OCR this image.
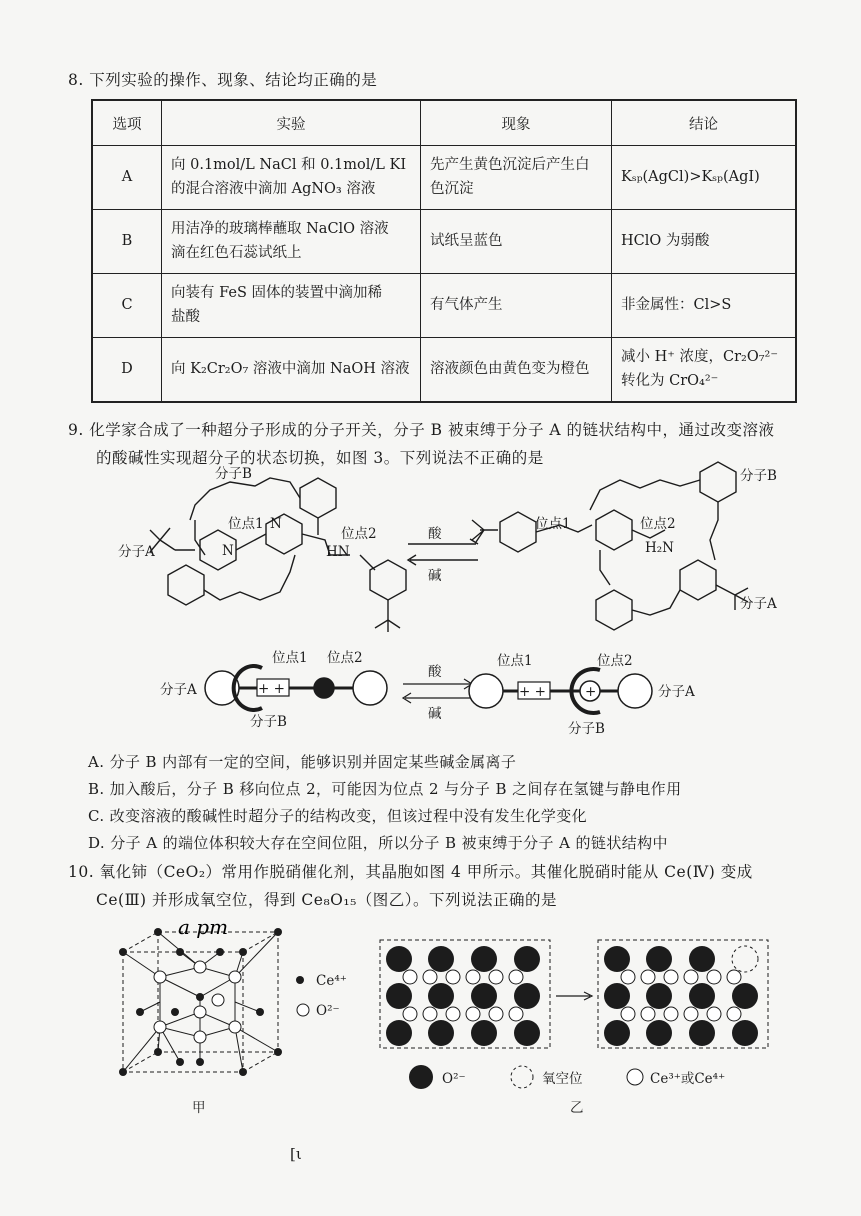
8. 下列实验的操作、现象、结论均正确的是
选项	实验	现象	结论
A	向 0.1mol/L NaCl 和 0.1mol/L KI
的混合溶液中滴加 AgNO₃ 溶液	先产生黄色沉淀后产生白
色沉淀	Kₛₚ(AgCl)>Kₛₚ(AgI)
B	用洁净的玻璃棒蘸取 NaClO 溶液
滴在红色石蕊试纸上	试纸呈蓝色	HClO 为弱酸
C	向装有 FeS 固体的装置中滴加稀
盐酸	有气体产生	非金属性：Cl>S
D	向 K₂Cr₂O₇ 溶液中滴加 NaOH 溶液	溶液颜色由黄色变为橙色	减小 H⁺ 浓度，Cr₂O₇²⁻
转化为 CrO₄²⁻
9. 化学家合成了一种超分子形成的分子开关，分子 B 被束缚于分子 A 的链状结构中，通过改变溶液
的酸碱性实现超分子的状态切换，如图 3。下列说法不正确的是
分子A
分子B
位点1
位点2
HN
N
N
酸
碱
位点1	位点2
H₂N
分子B
分子A
+ +	+ +	+
分子A
分子B
位点1 位点2
酸
碱
位点1	位点2
分子A
分子B
A. 分子 B 内部有一定的空间，能够识别并固定某些碱金属离子
B. 加入酸后，分子 B 移向位点 2，可能因为位点 2 与分子 B 之间存在氢键与静电作用
C. 改变溶液的酸碱性时超分子的结构改变，但该过程中没有发生化学变化
D. 分子 A 的端位体积较大存在空间位阻，所以分子 B 被束缚于分子 A 的链状结构中
10. 氧化铈（CeO₂）常用作脱硝催化剂，其晶胞如图 4 甲所示。其催化脱硝时能从 Ce(Ⅳ) 变成
Ce(Ⅲ) 并形成氧空位，得到 Ce₈O₁₅（图乙）。下列说法正确的是
Ce⁴⁺
O²⁻
a pm
甲
O²⁻	氧空位	Ce³⁺或Ce⁴⁺
乙
[ι
